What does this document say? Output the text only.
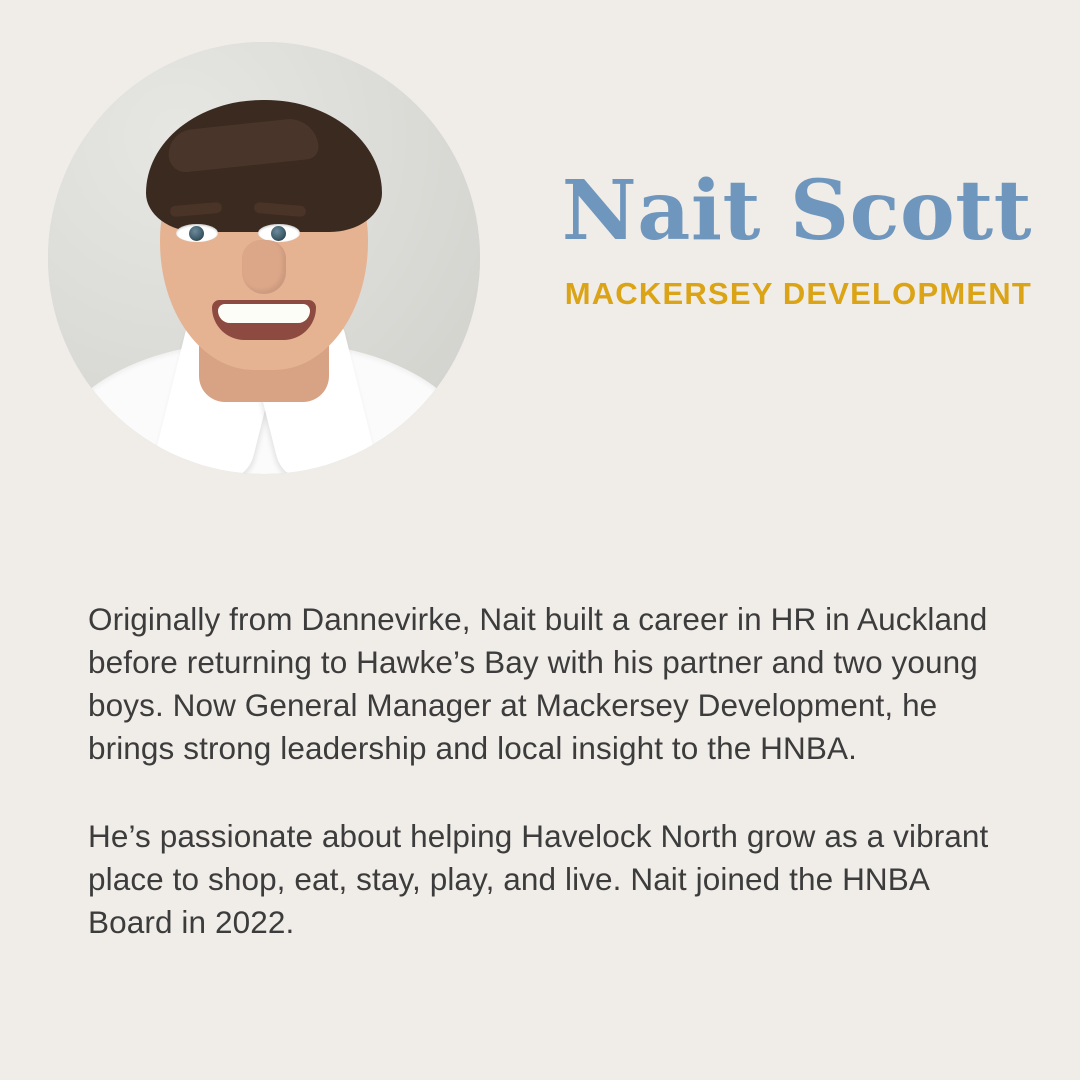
Nait Scott
MACKERSEY DEVELOPMENT

Originally from Dannevirke, Nait built a career in HR in Auckland before returning to Hawke’s Bay with his partner and two young boys. Now General Manager at Mackersey Development, he brings strong leadership and local insight to the HNBA.

He’s passionate about helping Havelock North grow as a vibrant place to shop, eat, stay, play, and live. Nait joined the HNBA Board in 2022.
